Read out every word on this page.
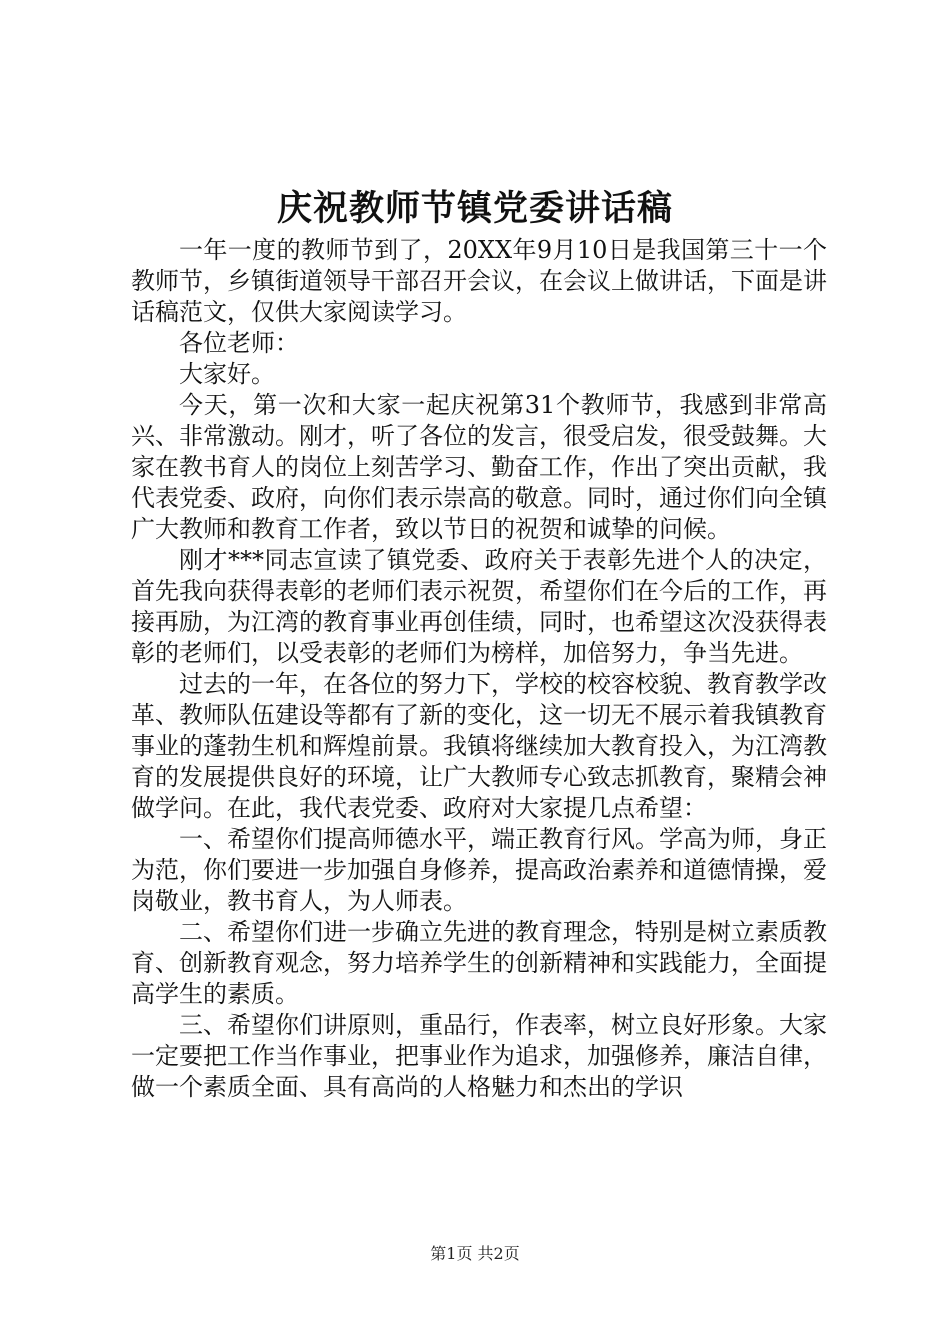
庆祝教师节镇党委讲话稿

一年一度的教师节到了，20XX年9月10日是我国第三十一个教师节，乡镇街道领导干部召开会议，在会议上做讲话，下面是讲话稿范文，仅供大家阅读学习。

各位老师：

大家好。

今天，第一次和大家一起庆祝第31个教师节，我感到非常高兴、非常激动。刚才，听了各位的发言，很受启发，很受鼓舞。大家在教书育人的岗位上刻苦学习、勤奋工作，作出了突出贡献，我代表党委、政府，向你们表示崇高的敬意。同时，通过你们向全镇广大教师和教育工作者，致以节日的祝贺和诚挚的问候。

刚才***同志宣读了镇党委、政府关于表彰先进个人的决定，首先我向获得表彰的老师们表示祝贺，希望你们在今后的工作，再接再励，为江湾的教育事业再创佳绩，同时，也希望这次没获得表彰的老师们，以受表彰的老师们为榜样，加倍努力，争当先进。

过去的一年，在各位的努力下，学校的校容校貌、教育教学改革、教师队伍建设等都有了新的变化，这一切无不展示着我镇教育事业的蓬勃生机和辉煌前景。我镇将继续加大教育投入，为江湾教育的发展提供良好的环境，让广大教师专心致志抓教育，聚精会神做学问。在此，我代表党委、政府对大家提几点希望：

一、希望你们提高师德水平，端正教育行风。学高为师，身正为范，你们要进一步加强自身修养，提高政治素养和道德情操，爱岗敬业，教书育人，为人师表。

二、希望你们进一步确立先进的教育理念，特别是树立素质教育、创新教育观念，努力培养学生的创新精神和实践能力，全面提高学生的素质。

三、希望你们讲原则，重品行，作表率，树立良好形象。大家一定要把工作当作事业，把事业作为追求，加强修养，廉洁自律，做一个素质全面、具有高尚的人格魅力和杰出的学识

第1页 共2页
